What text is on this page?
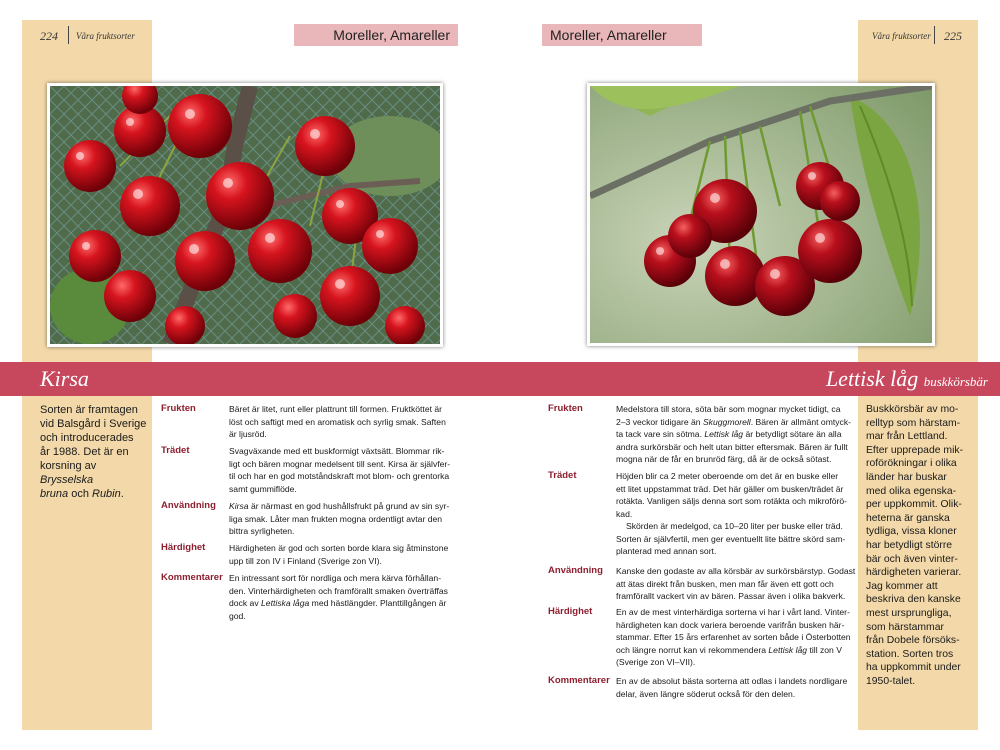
224 Våra fruktsorter	Moreller, Amareller	Moreller, Amareller	Våra fruktsorter 225
Kirsa	Lettisk låg buskkörsbär
Sorten är framtagen
vid Balsgård i Sverige
och introducerades
år 1988. Det är en
korsning av Brysselska
bruna och Rubin.
Frukten	Bäret är litet, runt eller plattrunt till formen. Fruktköttet är
löst och saftigt med en aromatisk och syrlig smak. Saften
är ljusröd.
Trädet	Svagväxande med ett buskformigt växtsätt. Blommar rik-
ligt och bären mognar medelsent till sent. Kirsa är självfer-
til och har en god motståndskraft mot blom- och grentorka
samt gummiflöde.
Användning Kirsa är närmast en god hushållsfrukt på grund av sin syr-
liga smak. Låter man frukten mogna ordentligt avtar den
bittra syrligheten.
Härdighet	Härdigheten är god och sorten borde klara sig åtminstone
upp till zon IV i Finland (Sverige zon VI).
Kommentarer En intressant sort för nordliga och mera kärva förhållan-
den. Vinterhärdigheten och framförallt smaken överträffas
dock av Lettiska låga med hästlängder. Planttillgången är
god.
Frukten	Medelstora till stora, söta bär som mognar mycket tidigt, ca
2–3 veckor tidigare än Skuggmorell. Bären är allmänt omtyck-
ta tack vare sin sötma. Lettisk låg är betydligt sötare än alla
andra surkörsbär och helt utan bitter eftersmak. Bären är fullt
mogna när de får en brunröd färg, då är de också sötast.
Trädet	Höjden blir ca 2 meter oberoende om det är en buske eller
ett litet uppstammat träd. Det här gäller om busken/trädet är
rotäkta. Vanligen säljs denna sort som rotäkta och mikroförö-
kad.
Skörden är medelgod, ca 10–20 liter per buske eller träd.
Sorten är självfertil, men ger eventuellt lite bättre skörd sam-
planterad med annan sort.
Användning Kanske den godaste av alla körsbär av surkörsbärstyp. Godast
att ätas direkt från busken, men man får även ett gott och
framförallt vackert vin av bären. Passar även i olika bakverk.
Härdighet	En av de mest vinterhärdiga sorterna vi har i vårt land. Vinter-
härdigheten kan dock variera beroende varifrån busken här-
stammar. Efter 15 års erfarenhet av sorten både i Österbotten
och längre norrut kan vi rekommendera Lettisk låg till zon V
(Sverige zon VI–VII).
Kommentarer En av de absolut bästa sorterna att odlas i landets nordligare
delar, även längre söderut också för den delen.
Buskkörsbär av mo-
relltyp som härstam-
mar från Lettland.
Efter upprepade mik-
roförökningar i olika
länder har buskar
med olika egenska-
per uppkommit. Olik-
heterna är ganska
tydliga, vissa kloner
har betydligt större
bär och även vinter-
härdigheten varierar.
Jag kommer att
beskriva den kanske
mest ursprungliga,
som härstammar
från Dobele försöks-
station. Sorten tros
ha uppkommit under
1950-talet.
